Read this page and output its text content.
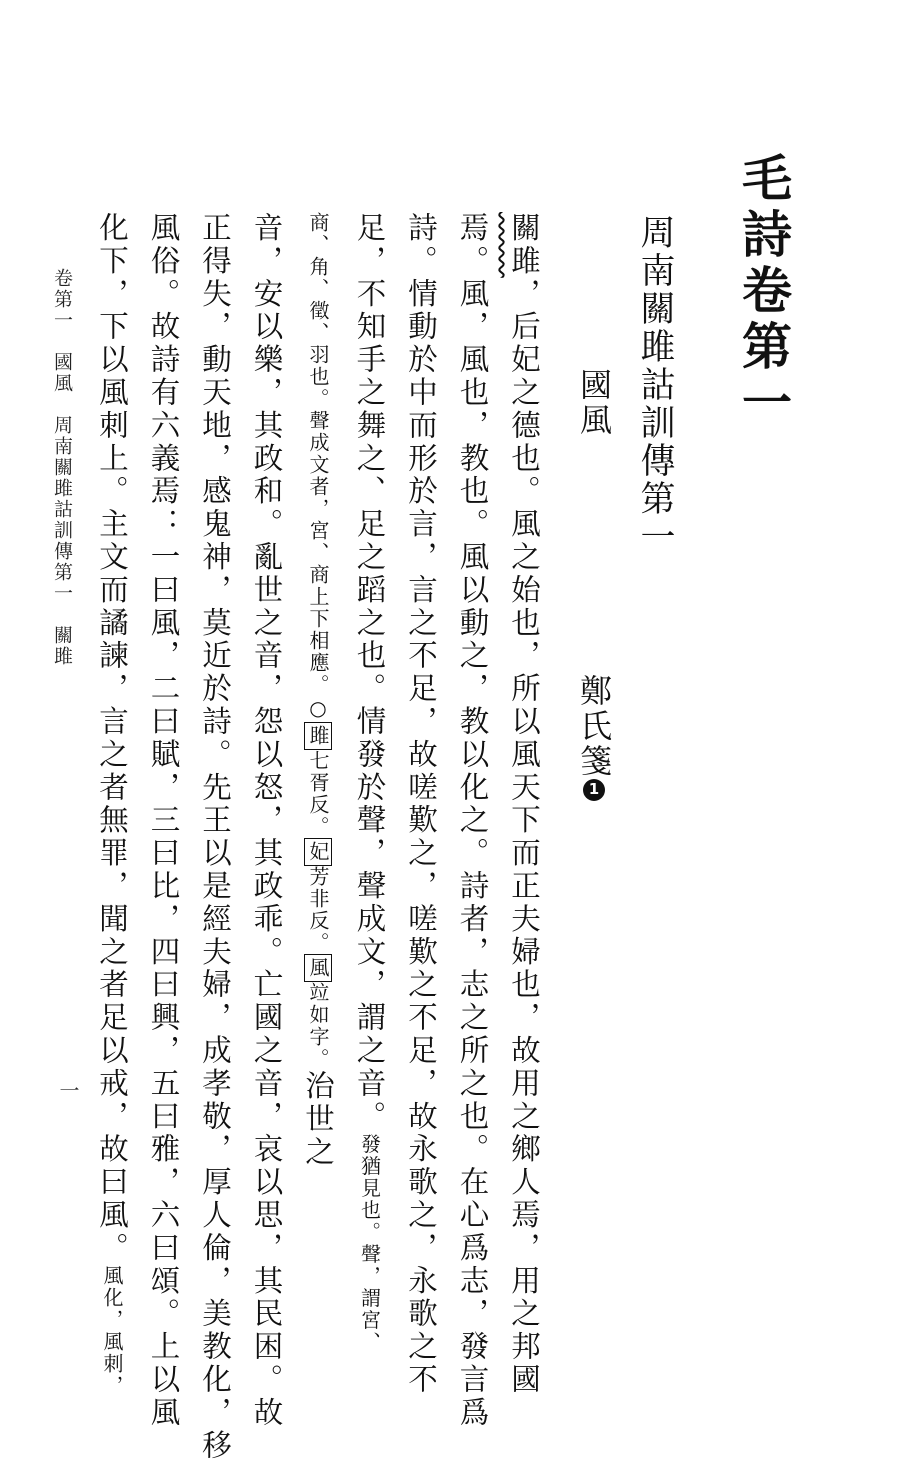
毛詩卷第一
周南關雎詁訓傳第一
國風
鄭氏箋1
關雎，后妃之德也。風之始也，所以風天下而正夫婦也，故用之鄉人焉，用之邦國
焉。風，風也，教也。風以動之，教以化之。詩者，志之所之也。在心爲志，發言爲
詩。情動於中而形於言，言之不足，故嗟歎之，嗟歎之不足，故永歌之，永歌之不
足，不知手之舞之、足之蹈之也。情發於聲，聲成文，謂之音。發猶見也。聲，謂宮、
商、角、徵、羽也。聲成文者，宮、商上下相應。○雎七胥反。妃芳非反。風竝如字。治世之
音，安以樂，其政和。亂世之音，怨以怒，其政乖。亡國之音，哀以思，其民困。故
正得失，動天地，感鬼神，莫近於詩。先王以是經夫婦，成孝敬，厚人倫，美教化，移
風俗。故詩有六義焉：一曰風，二曰賦，三曰比，四曰興，五曰雅，六曰頌。上以風
化下，下以風刺上。主文而譎諫，言之者無罪，聞之者足以戒，故曰風。風化，風刺，
卷第一　國風　周南關雎詁訓傳第一　關雎
一
